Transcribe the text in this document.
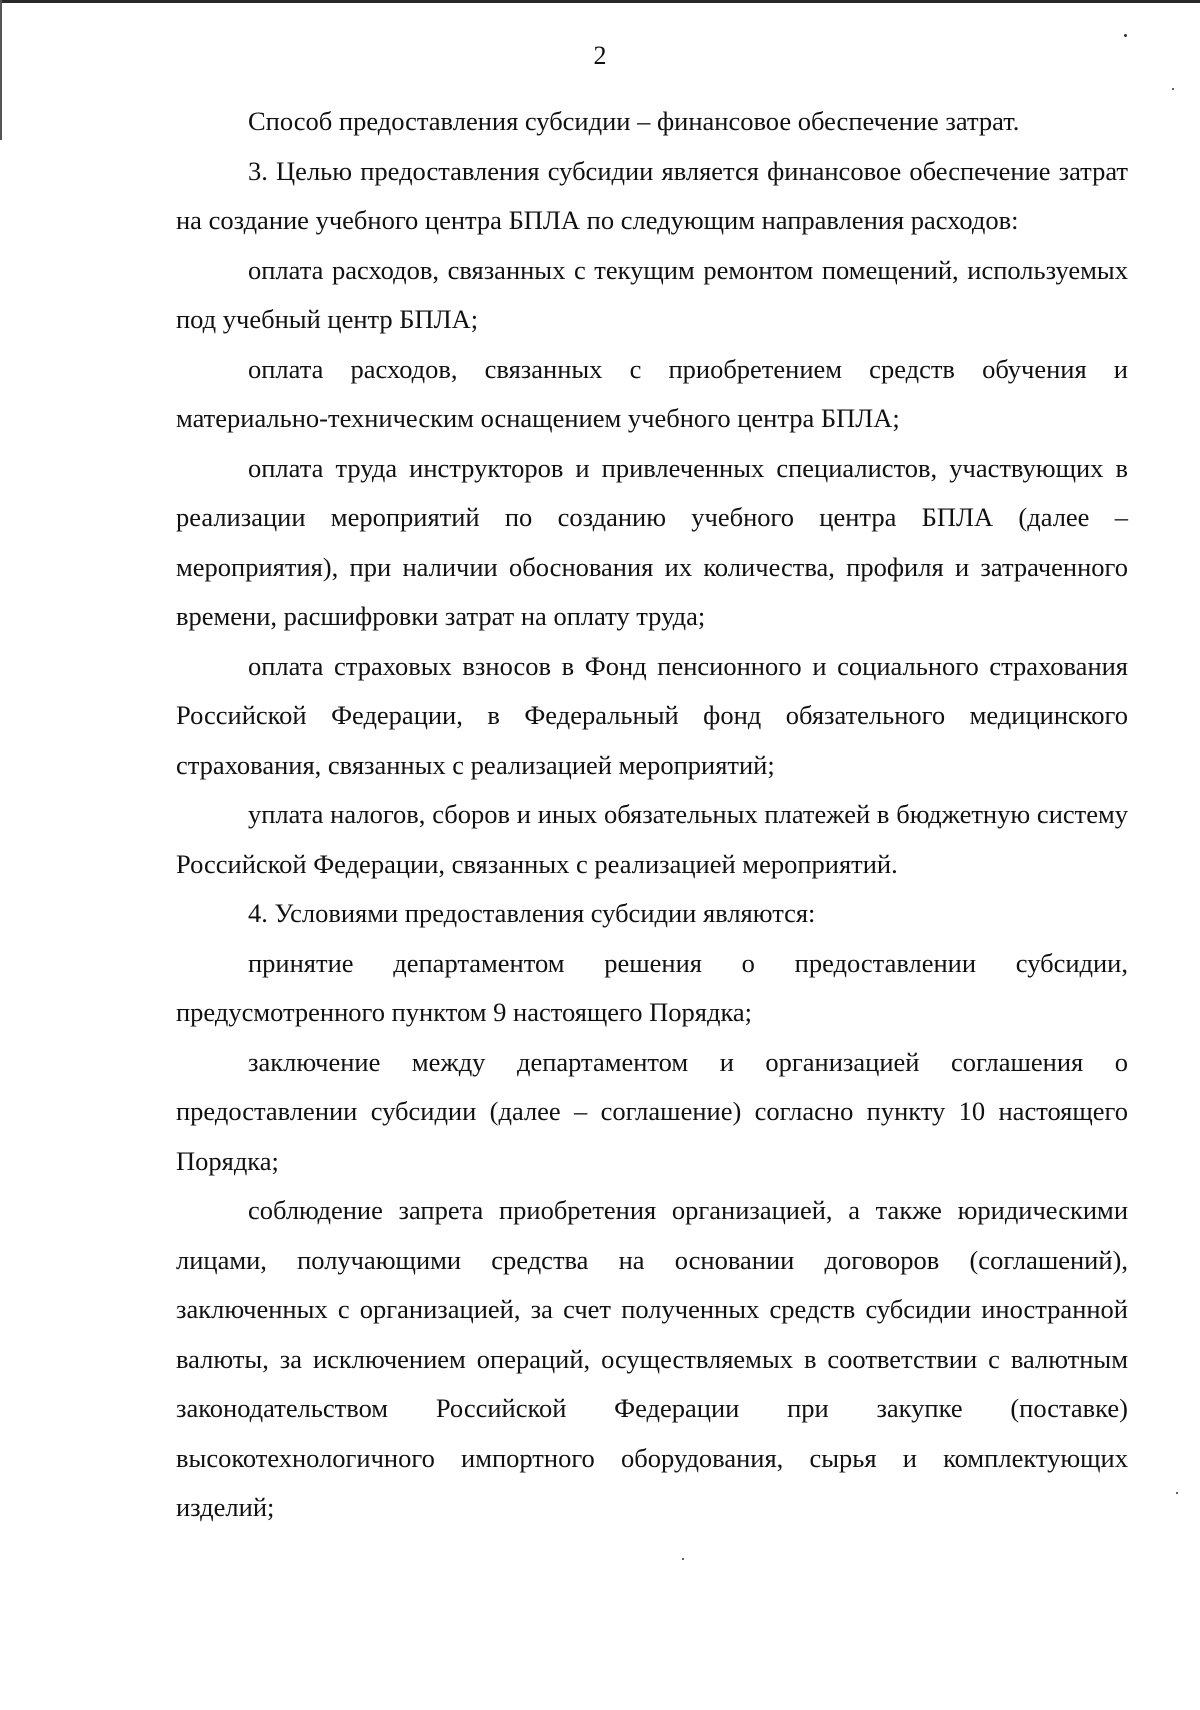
2

Способ предоставления субсидии – финансовое обеспечение затрат.

3. Целью предоставления субсидии является финансовое обеспечение затрат на создание учебного центра БПЛА по следующим направления расходов:

оплата расходов, связанных с текущим ремонтом помещений, используемых под учебный центр БПЛА;

оплата расходов, связанных с приобретением средств обучения и материально-техническим оснащением учебного центра БПЛА;

оплата труда инструкторов и привлеченных специалистов, участвующих в реализации мероприятий по созданию учебного центра БПЛА (далее – мероприятия), при наличии обоснования их количества, профиля и затраченного времени, расшифровки затрат на оплату труда;

оплата страховых взносов в Фонд пенсионного и социального страхования Российской Федерации, в Федеральный фонд обязательного медицинского страхования, связанных с реализацией мероприятий;

уплата налогов, сборов и иных обязательных платежей в бюджетную систему Российской Федерации, связанных с реализацией мероприятий.

4. Условиями предоставления субсидии являются:

принятие департаментом решения о предоставлении субсидии, предусмотренного пунктом 9 настоящего Порядка;

заключение между департаментом и организацией соглашения о предоставлении субсидии (далее – соглашение) согласно пункту 10 настоящего Порядка;

соблюдение запрета приобретения организацией, а также юридическими лицами, получающими средства на основании договоров (соглашений), заключенных с организацией, за счет полученных средств субсидии иностранной валюты, за исключением операций, осуществляемых в соответствии с валютным законодательством Российской Федерации при закупке (поставке) высокотехнологичного импортного оборудования, сырья и комплектующих изделий;
